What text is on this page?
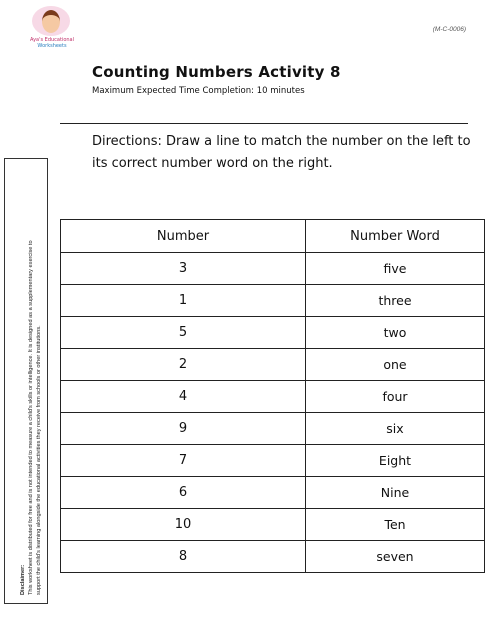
Aya's Educational
Worksheets
(M-C-0006)
Counting Numbers Activity 8
Maximum Expected Time Completion: 10 minutes
Directions: Draw a line to match the number on the left to its correct number word on the right.
Disclaimer: This worksheet is distributed for free and is not intended to measure a child's skills or intelligence. It is designed as a supplementary exercise to support the child's learning alongside the educational activities they receive from schools or other institutions.
Number	Number Word
3	five
1	three
5	two
2	one
4	four
9	six
7	Eight
6	Nine
10	Ten
8	seven
